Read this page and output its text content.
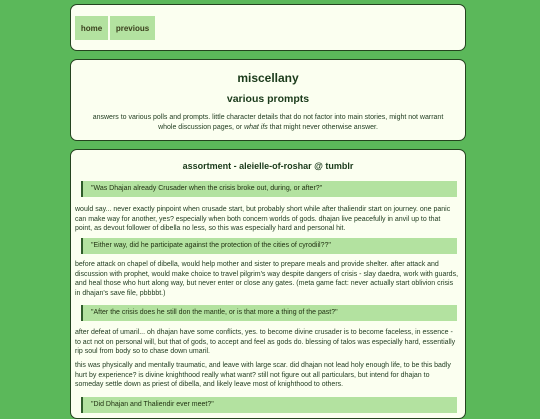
home	previous
miscellany
various prompts
answers to various polls and prompts. little character details that do not factor into main stories, might not warrant whole discussion pages, or what ifs that might never otherwise answer.
assortment - aleielle-of-roshar @ tumblr
"Was Dhajan already Crusader when the crisis broke out, during, or after?"
would say... never exactly pinpoint when crusade start, but probably short while after thaliendir start on journey. one panic can make way for another, yes? especially when both concern worlds of gods. dhajan live peacefully in anvil up to that point, as devout follower of dibella no less, so this was especially hard and personal hit.
"Either way, did he participate against the protection of the cities of cyrodiil??"
before attack on chapel of dibella, would help mother and sister to prepare meals and provide shelter. after attack and discussion with prophet, would make choice to travel pilgrim's way despite dangers of crisis - slay daedra, work with guards, and heal those who hurt along way, but never enter or close any gates. (meta game fact: never actually start oblivion crisis in dhajan's save file, pbbbbt.)
"After the crisis does he still don the mantle, or is that more a thing of the past?"
after defeat of umaril... oh dhajan have some conflicts, yes. to become divine crusader is to become faceless, in essence - to act not on personal will, but that of gods, to accept and feel as gods do. blessing of talos was especially hard, essentially rip soul from body so to chase down umaril.
this was physically and mentally traumatic, and leave with large scar. did dhajan not lead holy enough life, to be this badly hurt by experience? is divine knighthood really what want? still not figure out all particulars, but intend for dhajan to someday settle down as priest of dibella, and likely leave most of knighthood to others.
"Did Dhajan and Thaliendir ever meet?"
